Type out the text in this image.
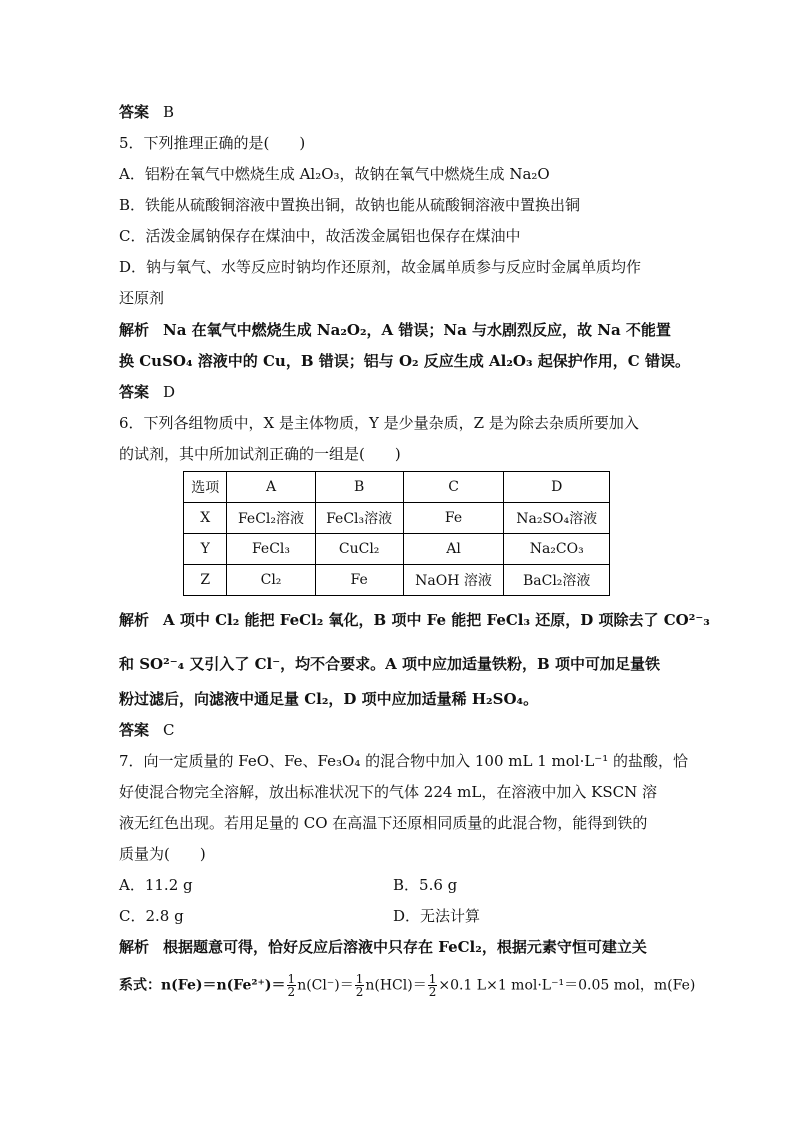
答案 B
5．下列推理正确的是(　　)
A．铝粉在氧气中燃烧生成 Al₂O₃，故钠在氧气中燃烧生成 Na₂O
B．铁能从硫酸铜溶液中置换出铜，故钠也能从硫酸铜溶液中置换出铜
C．活泼金属钠保存在煤油中，故活泼金属铝也保存在煤油中
D．钠与氧气、水等反应时钠均作还原剂，故金属单质参与反应时金属单质均作
还原剂
解析 Na 在氧气中燃烧生成 Na₂O₂，A 错误；Na 与水剧烈反应，故 Na 不能置
换 CuSO₄ 溶液中的 Cu，B 错误；铝与 O₂ 反应生成 Al₂O₃ 起保护作用，C 错误。
答案 D
6．下列各组物质中，X 是主体物质，Y 是少量杂质，Z 是为除去杂质所要加入
的试剂，其中所加试剂正确的一组是(　　)
选项	A	B	C	D
X	FeCl₂溶液	FeCl₃溶液	Fe	Na₂SO₄溶液
Y	FeCl₃	CuCl₂	Al	Na₂CO₃
Z	Cl₂	Fe	NaOH 溶液	BaCl₂溶液
解析 A 项中 Cl₂ 能把 FeCl₂ 氧化，B 项中 Fe 能把 FeCl₃ 还原，D 项除去了 CO²⁻₃
和 SO²⁻₄ 又引入了 Cl⁻，均不合要求。A 项中应加适量铁粉，B 项中可加足量铁
粉过滤后，向滤液中通足量 Cl₂，D 项中应加适量稀 H₂SO₄。
答案 C
7．向一定质量的 FeO、Fe、Fe₃O₄ 的混合物中加入 100 mL 1 mol·L⁻¹ 的盐酸，恰
好使混合物完全溶解，放出标准状况下的气体 224 mL，在溶液中加入 KSCN 溶
液无红色出现。若用足量的 CO 在高温下还原相同质量的此混合物，能得到铁的
质量为(　　)
A．11.2 g	B．5.6 g
C．2.8 g	D．无法计算
解析 根据题意可得，恰好反应后溶液中只存在 FeCl₂，根据元素守恒可建立关
系式：$n(Fe)=n(Fe^{2+})= \frac{1}{2} n(Cl^-)= \frac{1}{2} n(HCl)= \frac{1}{2} \times 0.1$ L×1 mol·L⁻¹＝0.05 mol，m(Fe)
